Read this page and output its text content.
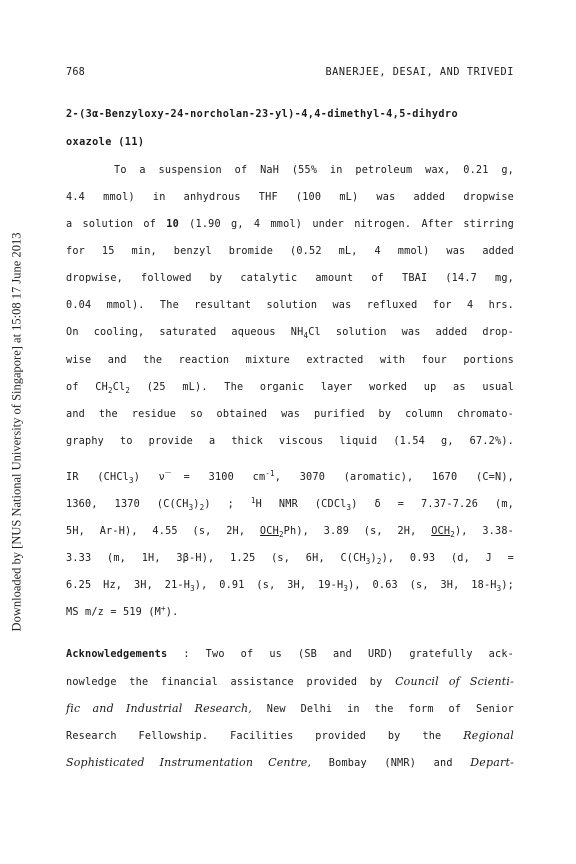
Downloaded by [NUS National University of Singapore] at 15:08 17 June 2013
768	BANERJEE, DESAI, AND TRIVEDI
2-(3α-Benzyloxy-24-norcholan-23-yl)-4,4-dimethyl-4,5-dihydro
oxazole (11)
To a suspension of NaH (55% in petroleum wax, 0.21 g,
4.4 mmol) in anhydrous THF (100 mL) was added dropwise
a solution of 10 (1.90 g, 4 mmol) under nitrogen. After stirring
for 15 min, benzyl bromide (0.52 mL, 4 mmol) was added
dropwise, followed by catalytic amount of TBAI (14.7 mg,
0.04 mmol). The resultant solution was refluxed for 4 hrs.
On cooling, saturated aqueous $NH_4Cl$ solution was added drop-
wise and the reaction mixture extracted with four portions
of $CH_2Cl_2$ (25 mL). The organic layer worked up as usual
and the residue so obtained was purified by column chromato-
graphy to provide a thick viscous liquid (1.54 g, 67.2%).
IR (CHCl$_3$) ν̅ = 3100 $cm^{-1}$, 3070 (aromatic), 1670 (C=N),
1360, 1370 $(C(CH_3)_2)$ ; $^1$H NMR (CDCl$_3$) δ = 7.37-7.26 (m,
5H, Ar-H), 4.55 (s, 2H, $OCH_2Ph$), 3.89 (s, 2H, $OCH_2$), 3.38-
3.33 (m, 1H, 3β-H), 1.25 (s, 6H, $C(CH_3)_2$), 0.93 (d, J =
6.25 Hz, 3H, $21-H_3$), 0.91 (s, 3H, $19-H_3$), 0.63 (s, 3H, $18-H_3$);
MS m/z = 519 (M+).
Acknowledgements : Two of us (SB and URD) gratefully ack-
nowledge the financial assistance provided by Council of Scienti-
fic and Industrial Research, New Delhi in the form of Senior
Research Fellowship. Facilities provided by the Regional
Sophisticated Instrumentation Centre, Bombay (NMR) and Depart-
